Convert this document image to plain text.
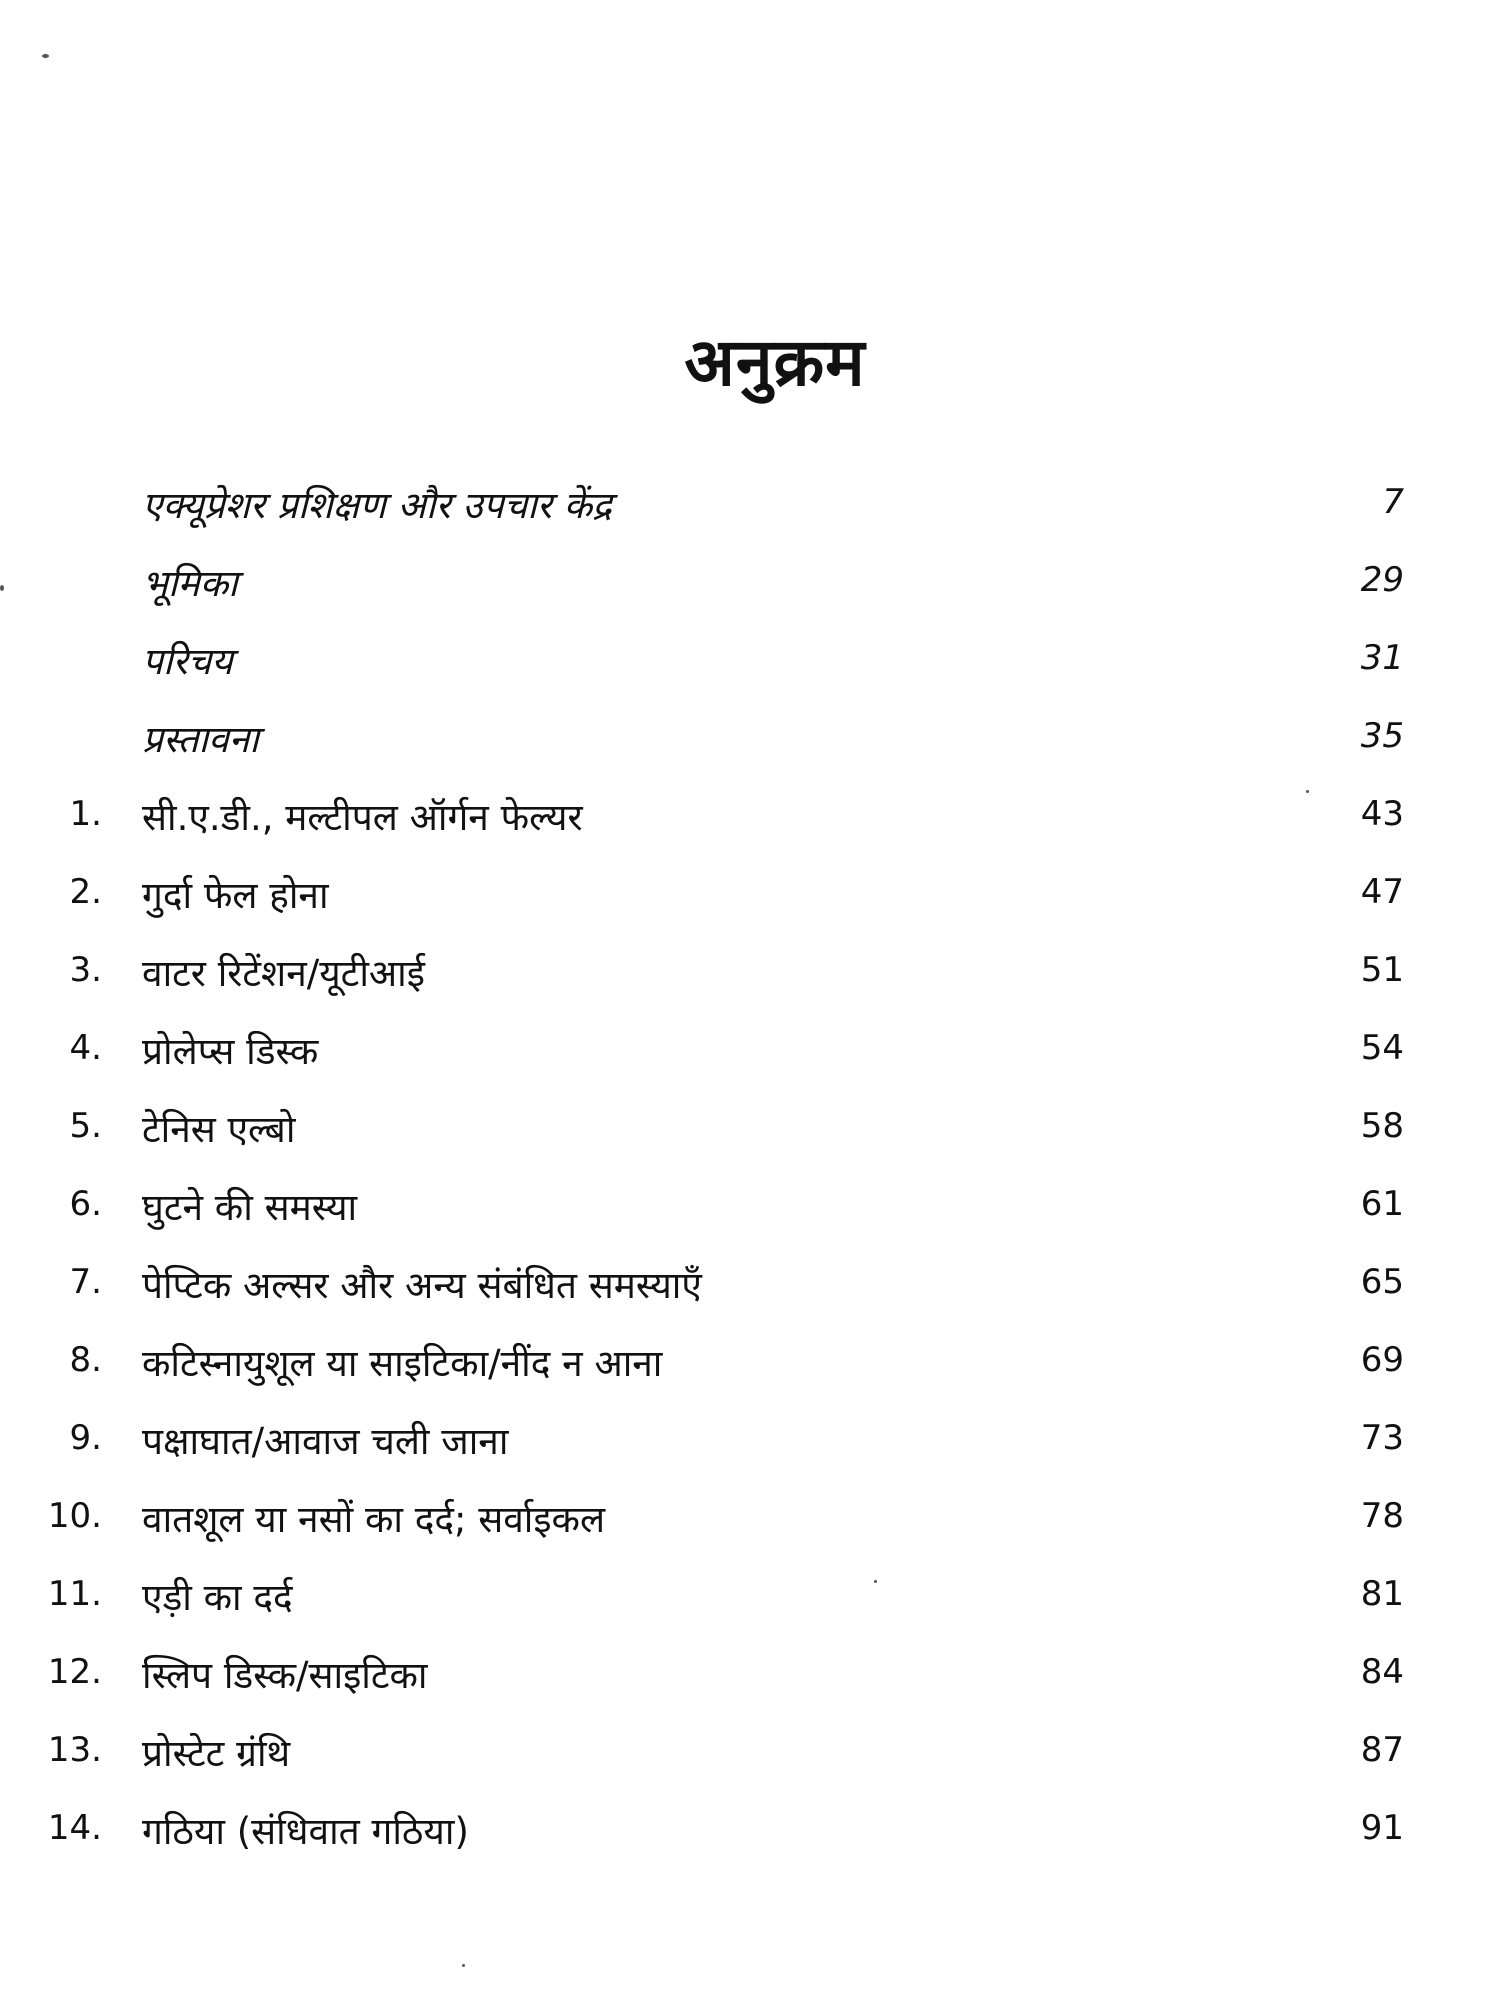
अनुक्रम
एक्यूप्रेशर प्रशिक्षण और उपचार केंद्र	7
भूमिका	29
परिचय	31
प्रस्तावना	35
1. सी.ए.डी., मल्टीपल ऑर्गन फेल्यर	43
2. गुर्दा फेल होना	47
3. वाटर रिटेंशन/यूटीआई	51
4. प्रोलेप्स डिस्क	54
5. टेनिस एल्बो	58
6. घुटने की समस्या	61
7. पेप्टिक अल्सर और अन्य संबंधित समस्याएँ	65
8. कटिस्नायुशूल या साइटिका/नींद न आना	69
9. पक्षाघात/आवाज चली जाना	73
10. वातशूल या नसों का दर्द; सर्वाइकल	78
11. एड़ी का दर्द	81
12. स्लिप डिस्क/साइटिका	84
13. प्रोस्टेट ग्रंथि	87
14. गठिया (संधिवात गठिया)	91
